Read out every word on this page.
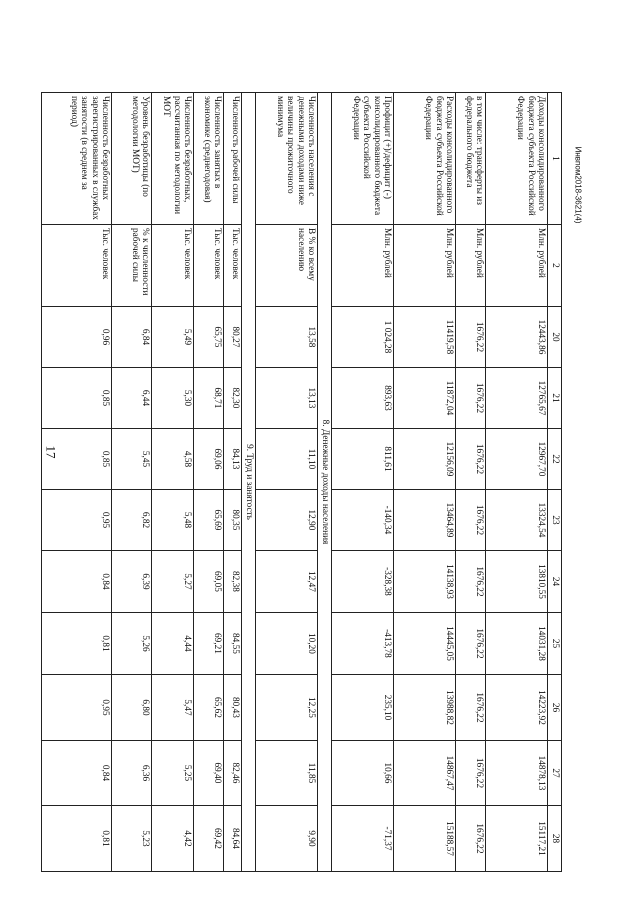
17
Инвпом2018-3621(4)
1	2	20	21	22	23	24	25	26	27	28
Доходы консолидированного бюджета субъекта Российской Федерации	Млн. рублей	12443,86	12765,67	12967,70	13324,54	13810,55	14031,28	14223,92	14878,13	15117,21
в том числе: трансферты из федерального бюджета	Млн. рублей	1676,22	1676,22	1676,22	1676,22	1676,22	1676,22	1676,22	1676,22	1676,22
Расходы консолидированного бюджета субъекта Российской Федерации	Млн. рублей	11419,58	11872,04	12156,09	13464,89	14138,93	14445,05	13988,82	14867,47	15188,57
Профицит (+)/дефицит (-) консолидированного бюджета субъекта Российской Федерации	Млн. рублей	1 024,28	893,63	811,61	-140,34	-328,38	-413,78	235,10	10,66	-71,37
8. Денежные доходы населения										
Численность населения с денежными доходами ниже величины прожиточного минимума	В % ко всему населению	13,58	13,13	11,10	12,90	12,47	10,20	12,25	11,85	9,90
9. Труд и занятость										
Численность рабочей силы	Тыс. человек	80,27	82,30	84,13	80,35	82,38	84,55	80,43	82,46	84,64
Численность занятых в экономике (среднегодовая)	Тыс. человек	65,75	68,71	69,06	65,69	69,05	69,21	65,62	69,40	69,42
Численность безработных, рассчитанная по методологии МОТ	Тыс. человек	5,49	5,30	4,58	5,48	5,27	4,44	5,47	5,25	4,42
Уровень безработицы (по методологии МОТ)	% к численности рабочей силы	6,84	6,44	5,45	6,82	6,39	5,26	6,80	6,36	5,23
Численность безработных зарегистрированных в службах занятости (в среднем за период)	Тыс. человек	0,96	0,85	0,85	0,95	0,84	0,81	0,95	0,84	0,81
